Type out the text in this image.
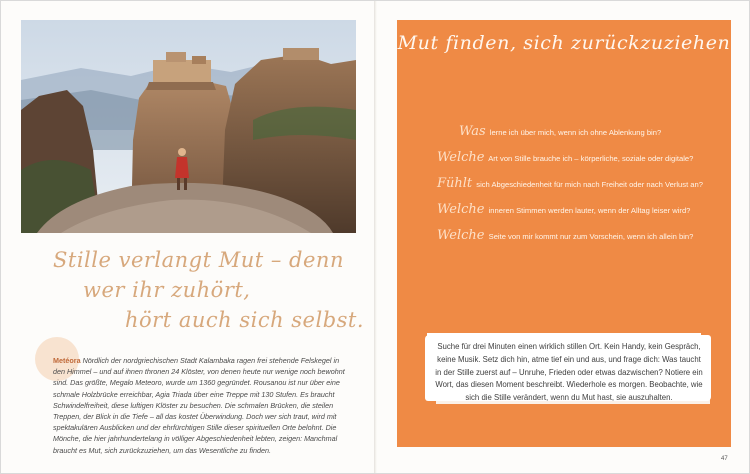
Stille verlangt Mut – denn
wer ihr zuhört,
hört auch sich selbst.
Metéora Nördlich der nordgriechischen Stadt Kalambaka ragen frei stehende Felskegel in den Himmel – und auf ihnen thronen 24 Klöster, von denen heute nur wenige noch bewohnt sind. Das größte, Megalo Meteoro, wurde um 1360 gegründet. Rousanou ist nur über eine schmale Holzbrücke erreichbar, Agia Triada über eine Treppe mit 130 Stufen. Es braucht Schwindelfreiheit, diese luftigen Klöster zu besuchen. Die schmalen Brücken, die steilen Treppen, der Blick in die Tiefe – all das kostet Überwindung. Doch wer sich traut, wird mit spektakulären Ausblicken und der ehrfürchtigen Stille dieser spirituellen Orte belohnt. Die Mönche, die hier jahrhundertelang in völliger Abgeschiedenheit lebten, zeigen: Manchmal braucht es Mut, sich zurückzuziehen, um das Wesentliche zu finden.
Mut finden, sich zurückzuziehen
Was lerne ich über mich, wenn ich ohne Ablenkung bin?
Welche Art von Stille brauche ich – körperliche, soziale oder digitale?
Fühlt sich Abgeschiedenheit für mich nach Freiheit oder nach Verlust an?
Welche inneren Stimmen werden lauter, wenn der Alltag leiser wird?
Welche Seite von mir kommt nur zum Vorschein, wenn ich allein bin?
Suche für drei Minuten einen wirklich stillen Ort. Kein Handy, kein Gespräch, keine Musik. Setz dich hin, atme tief ein und aus, und frage dich: Was taucht in der Stille zuerst auf – Unruhe, Frieden oder etwas dazwischen? Notiere ein Wort, das diesen Moment beschreibt. Wiederhole es morgen. Beobachte, wie sich die Stille verändert, wenn du Mut hast, sie auszuhalten.
47
